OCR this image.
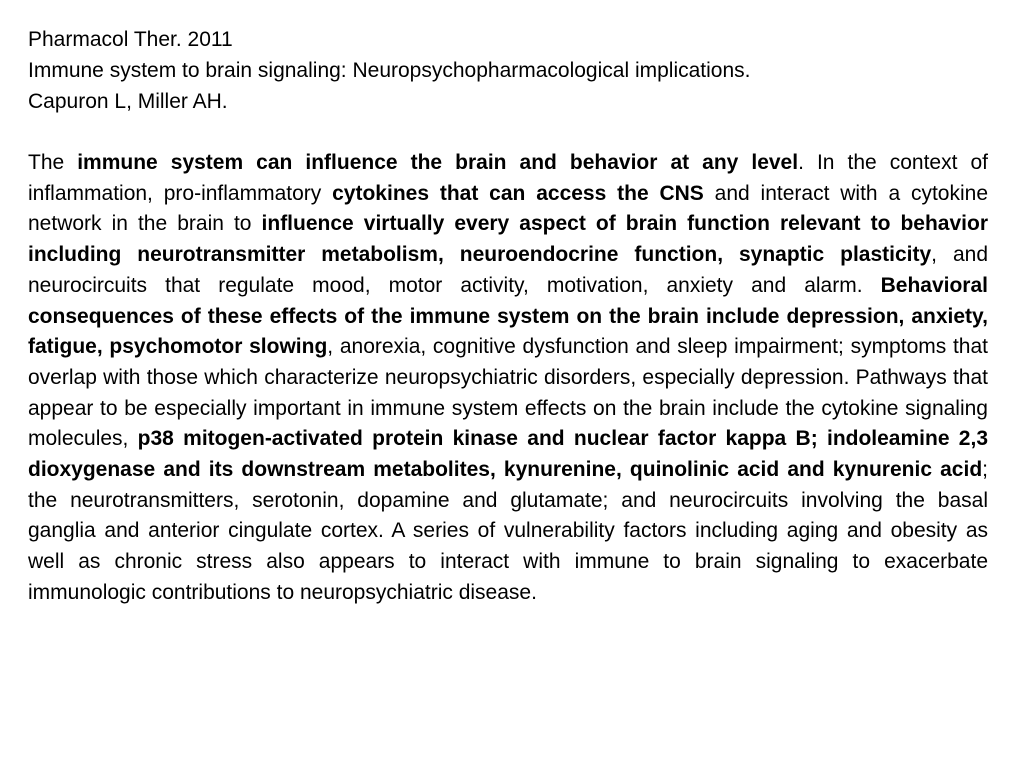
Pharmacol Ther. 2011
Immune system to brain signaling: Neuropsychopharmacological implications.
Capuron L, Miller AH.

The immune system can influence the brain and behavior at any level. In the context of inflammation, pro-inflammatory cytokines that can access the CNS and interact with a cytokine network in the brain to influence virtually every aspect of brain function relevant to behavior including neurotransmitter metabolism, neuroendocrine function, synaptic plasticity, and neurocircuits that regulate mood, motor activity, motivation, anxiety and alarm. Behavioral consequences of these effects of the immune system on the brain include depression, anxiety, fatigue, psychomotor slowing, anorexia, cognitive dysfunction and sleep impairment; symptoms that overlap with those which characterize neuropsychiatric disorders, especially depression. Pathways that appear to be especially important in immune system effects on the brain include the cytokine signaling molecules, p38 mitogen-activated protein kinase and nuclear factor kappa B; indoleamine 2,3 dioxygenase and its downstream metabolites, kynurenine, quinolinic acid and kynurenic acid; the neurotransmitters, serotonin, dopamine and glutamate; and neurocircuits involving the basal ganglia and anterior cingulate cortex. A series of vulnerability factors including aging and obesity as well as chronic stress also appears to interact with immune to brain signaling to exacerbate immunologic contributions to neuropsychiatric disease.
